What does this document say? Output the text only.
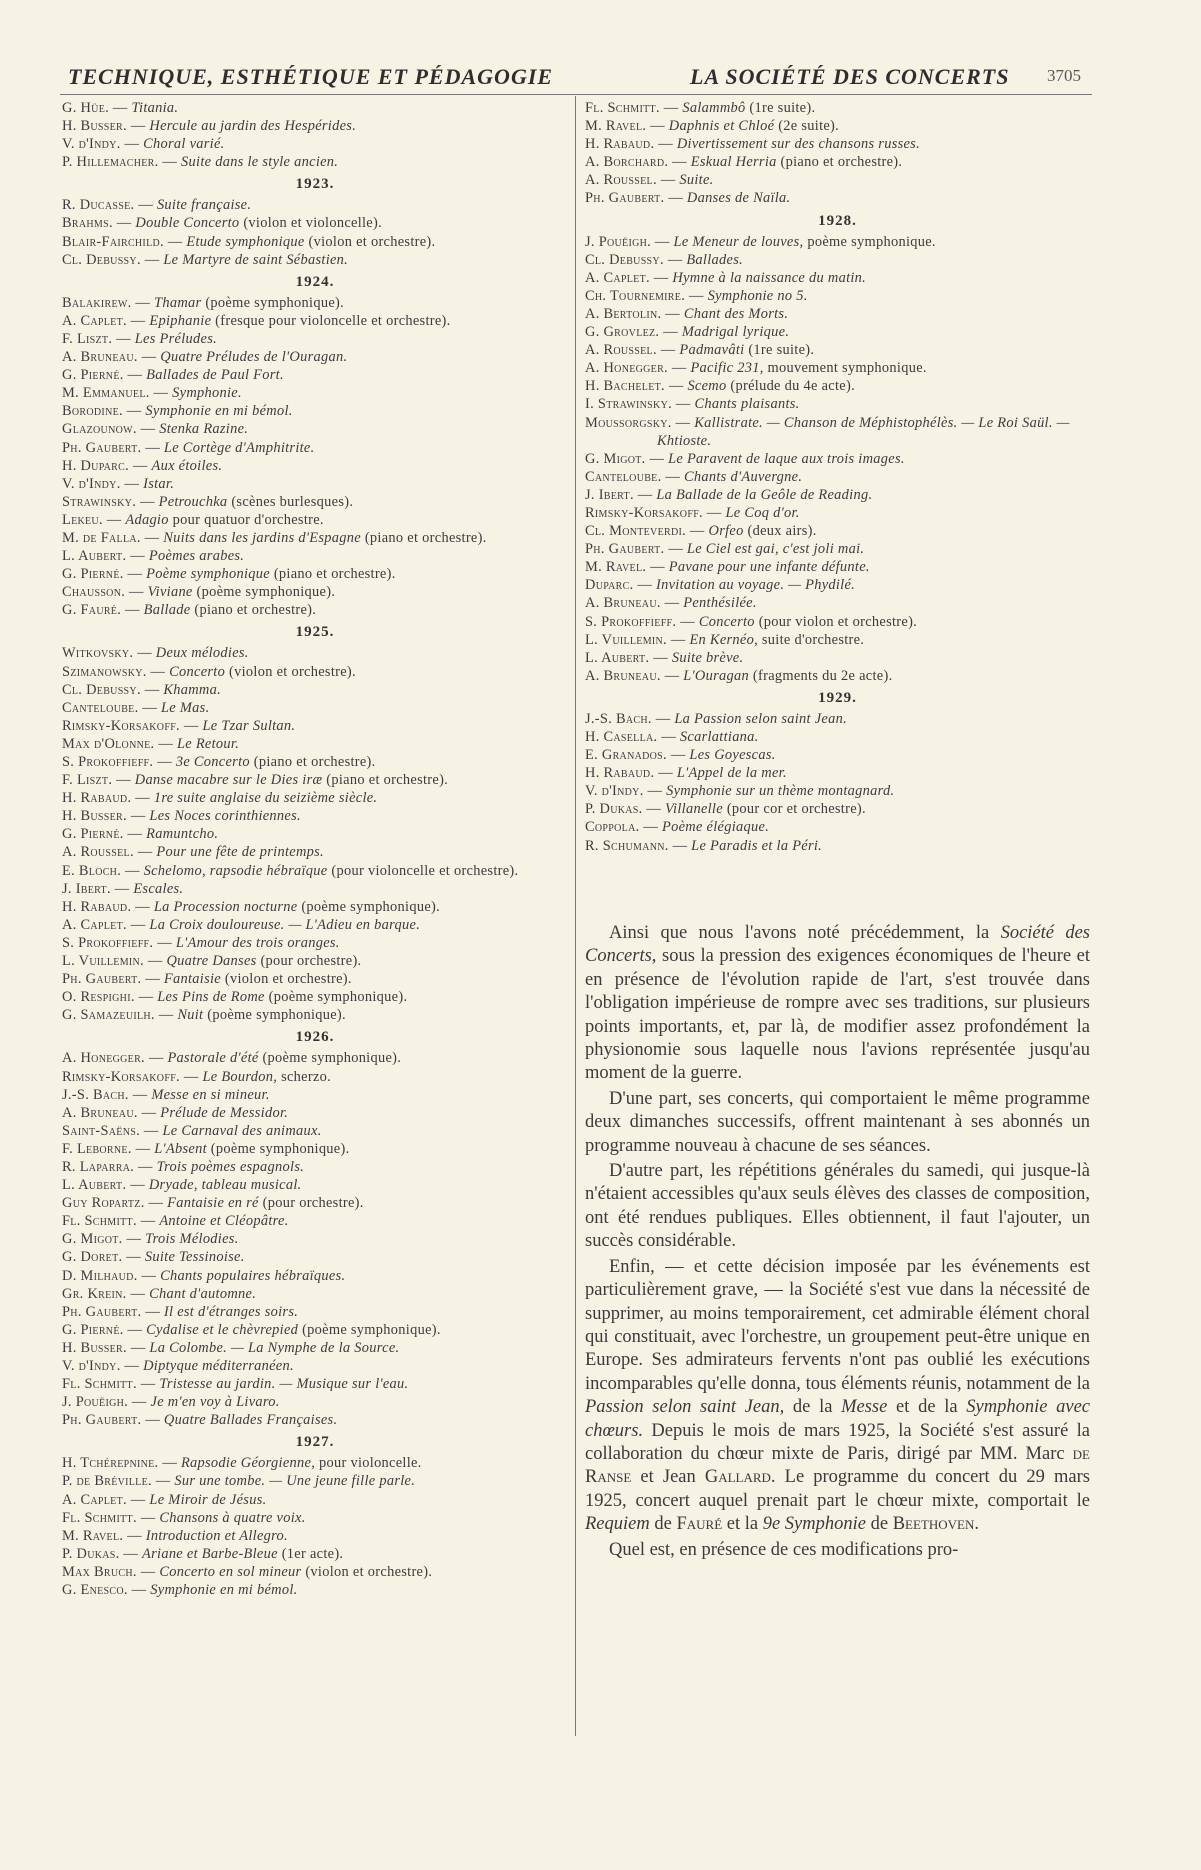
TECHNIQUE, ESTHÉTIQUE ET PÉDAGOGIE	LA SOCIÉTÉ DES CONCERTS 3705
G. Hüe. — Titania.
H. Busser. — Hercule au jardin des Hespérides.
V. d'Indy. — Choral varié.
P. Hillemacher. — Suite dans le style ancien.
1923.
R. Ducasse. — Suite française.
Brahms. — Double Concerto (violon et violoncelle).
Blair-Fairchild. — Etude symphonique (violon et orchestre).
Cl. Debussy. — Le Martyre de saint Sébastien.
1924.
Balakirew. — Thamar (poème symphonique).
A. Caplet. — Epiphanie (fresque pour violoncelle et orchestre).
F. Liszt. — Les Préludes.
A. Bruneau. — Quatre Préludes de l'Ouragan.
G. Pierné. — Ballades de Paul Fort.
M. Emmanuel. — Symphonie.
Borodine. — Symphonie en mi bémol.
Glazounow. — Stenka Razine.
Ph. Gaubert. — Le Cortège d'Amphitrite.
H. Duparc. — Aux étoiles.
V. d'Indy. — Istar.
Strawinsky. — Petrouchka (scènes burlesques).
Lekeu. — Adagio pour quatuor d'orchestre.
M. de Falla. — Nuits dans les jardins d'Espagne (piano et orchestre).
L. Aubert. — Poèmes arabes.
G. Pierné. — Poème symphonique (piano et orchestre).
Chausson. — Viviane (poème symphonique).
G. Fauré. — Ballade (piano et orchestre).
1925.
Witkovsky. — Deux mélodies.
Szimanowsky. — Concerto (violon et orchestre).
Cl. Debussy. — Khamma.
Canteloube. — Le Mas.
Rimsky-Korsakoff. — Le Tzar Sultan.
Max d'Olonne. — Le Retour.
S. Prokoffieff. — 3e Concerto (piano et orchestre).
F. Liszt. — Danse macabre sur le Dies iræ (piano et orchestre).
H. Rabaud. — 1re suite anglaise du seizième siècle.
H. Busser. — Les Noces corinthiennes.
G. Pierné. — Ramuntcho.
A. Roussel. — Pour une fête de printemps.
E. Bloch. — Schelomo, rapsodie hébraïque (pour violoncelle et orchestre).
J. Ibert. — Escales.
H. Rabaud. — La Procession nocturne (poème symphonique).
A. Caplet. — La Croix douloureuse. — L'Adieu en barque.
S. Prokoffieff. — L'Amour des trois oranges.
L. Vuillemin. — Quatre Danses (pour orchestre).
Ph. Gaubert. — Fantaisie (violon et orchestre).
O. Respighi. — Les Pins de Rome (poème symphonique).
G. Samazeuilh. — Nuit (poème symphonique).
1926.
A. Honegger. — Pastorale d'été (poème symphonique).
Rimsky-Korsakoff. — Le Bourdon, scherzo.
J.-S. Bach. — Messe en si mineur.
A. Bruneau. — Prélude de Messidor.
Saint-Saëns. — Le Carnaval des animaux.
F. Leborne. — L'Absent (poème symphonique).
R. Laparra. — Trois poèmes espagnols.
L. Aubert. — Dryade, tableau musical.
Guy Ropartz. — Fantaisie en ré (pour orchestre).
Fl. Schmitt. — Antoine et Cléopâtre.
G. Migot. — Trois Mélodies.
G. Doret. — Suite Tessinoise.
D. Milhaud. — Chants populaires hébraïques.
Gr. Krein. — Chant d'automne.
Ph. Gaubert. — Il est d'étranges soirs.
G. Pierné. — Cydalise et le chèvrepied (poème symphonique).
H. Busser. — La Colombe. — La Nymphe de la Source.
V. d'Indy. — Diptyque méditerranéen.
Fl. Schmitt. — Tristesse au jardin. — Musique sur l'eau.
J. Pouëigh. — Je m'en voy à Livaro.
Ph. Gaubert. — Quatre Ballades Françaises.
1927.
H. Tchérepnine. — Rapsodie Géorgienne, pour violoncelle.
P. de Bréville. — Sur une tombe. — Une jeune fille parle.
A. Caplet. — Le Miroir de Jésus.
Fl. Schmitt. — Chansons à quatre voix.
M. Ravel. — Introduction et Allegro.
P. Dukas. — Ariane et Barbe-Bleue (1er acte).
Max Bruch. — Concerto en sol mineur (violon et orchestre).
G. Enesco. — Symphonie en mi bémol.
Fl. Schmitt. — Salammbô (1re suite).
M. Ravel. — Daphnis et Chloé (2e suite).
H. Rabaud. — Divertissement sur des chansons russes.
A. Borchard. — Eskual Herria (piano et orchestre).
A. Roussel. — Suite.
Ph. Gaubert. — Danses de Naïla.
1928.
J. Pouëigh. — Le Meneur de louves, poème symphonique.
Cl. Debussy. — Ballades.
A. Caplet. — Hymne à la naissance du matin.
Ch. Tournemire. — Symphonie no 5.
A. Bertolin. — Chant des Morts.
G. Grovlez. — Madrigal lyrique.
A. Roussel. — Padmavâti (1re suite).
A. Honegger. — Pacific 231, mouvement symphonique.
H. Bachelet. — Scemo (prélude du 4e acte).
I. Strawinsky. — Chants plaisants.
Moussorgsky. — Kallistrate. — Chanson de Méphistophélès. — Le Roi Saül. — Khtioste.
G. Migot. — Le Paravent de laque aux trois images.
Canteloube. — Chants d'Auvergne.
J. Ibert. — La Ballade de la Geôle de Reading.
Rimsky-Korsakoff. — Le Coq d'or.
Cl. Monteverdi. — Orfeo (deux airs).
Ph. Gaubert. — Le Ciel est gai, c'est joli mai.
M. Ravel. — Pavane pour une infante défunte.
Duparc. — Invitation au voyage. — Phydilé.
A. Bruneau. — Penthésilée.
S. Prokoffieff. — Concerto (pour violon et orchestre).
L. Vuillemin. — En Kernéo, suite d'orchestre.
L. Aubert. — Suite brève.
A. Bruneau. — L'Ouragan (fragments du 2e acte).
1929.
J.-S. Bach. — La Passion selon saint Jean.
H. Casella. — Scarlattiana.
E. Granados. — Les Goyescas.
H. Rabaud. — L'Appel de la mer.
V. d'Indy. — Symphonie sur un thème montagnard.
P. Dukas. — Villanelle (pour cor et orchestre).
Coppola. — Poème élégiaque.
R. Schumann. — Le Paradis et la Péri.

Ainsi que nous l'avons noté précédemment, la Société des Concerts, sous la pression des exigences économiques de l'heure et en présence de l'évolution rapide de l'art, s'est trouvée dans l'obligation impérieuse de rompre avec ses traditions, sur plusieurs points importants, et, par là, de modifier assez profondément la physionomie sous laquelle nous l'avions représentée jusqu'au moment de la guerre.

D'une part, ses concerts, qui comportaient le même programme deux dimanches successifs, offrent maintenant à ses abonnés un programme nouveau à chacune de ses séances.

D'autre part, les répétitions générales du samedi, qui jusque-là n'étaient accessibles qu'aux seuls élèves des classes de composition, ont été rendues publiques. Elles obtiennent, il faut l'ajouter, un succès considérable.

Enfin, — et cette décision imposée par les événements est particulièrement grave, — la Société s'est vue dans la nécessité de supprimer, au moins temporairement, cet admirable élément choral qui constituait, avec l'orchestre, un groupement peut-être unique en Europe. Ses admirateurs fervents n'ont pas oublié les exécutions incomparables qu'elle donna, tous éléments réunis, notamment de la Passion selon saint Jean, de la Messe et de la Symphonie avec chœurs. Depuis le mois de mars 1925, la Société s'est assuré la collaboration du chœur mixte de Paris, dirigé par MM. Marc de Ranse et Jean Gallard. Le programme du concert du 29 mars 1925, concert auquel prenait part le chœur mixte, comportait le Requiem de Fauré et la 9e Symphonie de Beethoven.

Quel est, en présence de ces modifications pro-
